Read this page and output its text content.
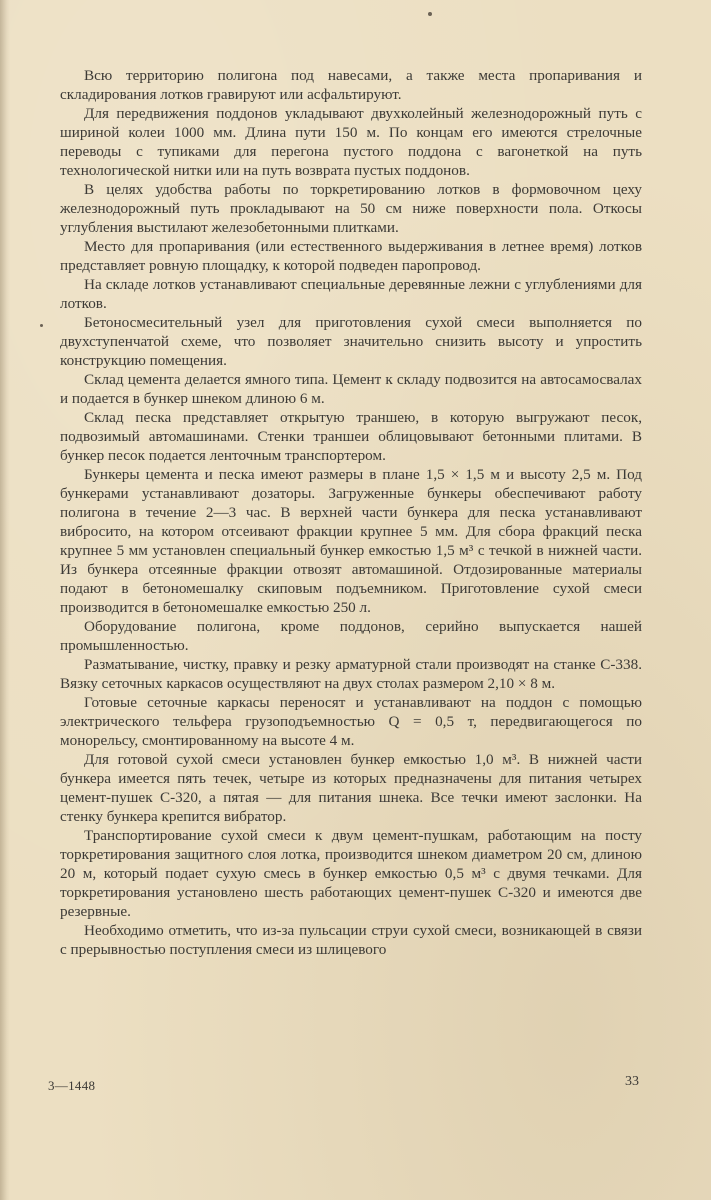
Всю территорию полигона под навесами, а также места пропаривания и складирования лотков гравируют или асфальтируют.

Для передвижения поддонов укладывают двухколейный железнодорожный путь с шириной колеи 1000 мм. Длина пути 150 м. По концам его имеются стрелочные переводы с тупиками для перегона пустого поддона с вагонеткой на путь технологической нитки или на путь возврата пустых поддонов.

В целях удобства работы по торкретированию лотков в формовочном цеху железнодорожный путь прокладывают на 50 см ниже поверхности пола. Откосы углубления выстилают железобетонными плитками.

Место для пропаривания (или естественного выдерживания в летнее время) лотков представляет ровную площадку, к которой подведен паропровод.

На складе лотков устанавливают специальные деревянные лежни с углублениями для лотков.

Бетоносмесительный узел для приготовления сухой смеси выполняется по двухступенчатой схеме, что позволяет значительно снизить высоту и упростить конструкцию помещения.

Склад цемента делается ямного типа. Цемент к складу подвозится на автосамосвалах и подается в бункер шнеком длиною 6 м.

Склад песка представляет открытую траншею, в которую выгружают песок, подвозимый автомашинами. Стенки траншеи облицовывают бетонными плитами. В бункер песок подается ленточным транспортером.

Бункеры цемента и песка имеют размеры в плане 1,5 × 1,5 м и высоту 2,5 м. Под бункерами устанавливают дозаторы. Загруженные бункеры обеспечивают работу полигона в течение 2—3 час. В верхней части бункера для песка устанавливают вибросито, на котором отсеивают фракции крупнее 5 мм. Для сбора фракций песка крупнее 5 мм установлен специальный бункер емкостью 1,5 м³ с течкой в нижней части. Из бункера отсеянные фракции отвозят автомашиной. Отдозированные материалы подают в бетономешалку скиповым подъемником. Приготовление сухой смеси производится в бетономешалке емкостью 250 л.

Оборудование полигона, кроме поддонов, серийно выпускается нашей промышленностью.

Разматывание, чистку, правку и резку арматурной стали производят на станке С-338. Вязку сеточных каркасов осуществляют на двух столах размером 2,10 × 8 м.

Готовые сеточные каркасы переносят и устанавливают на поддон с помощью электрического тельфера грузоподъемностью Q = 0,5 т, передвигающегося по монорельсу, смонтированному на высоте 4 м.

Для готовой сухой смеси установлен бункер емкостью 1,0 м³. В нижней части бункера имеется пять течек, четыре из которых предназначены для питания четырех цемент-пушек С-320, а пятая — для питания шнека. Все течки имеют заслонки. На стенку бункера крепится вибратор.

Транспортирование сухой смеси к двум цемент-пушкам, работающим на посту торкретирования защитного слоя лотка, производится шнеком диаметром 20 см, длиною 20 м, который подает сухую смесь в бункер емкостью 0,5 м³ с двумя течками. Для торкретирования установлено шесть работающих цемент-пушек С-320 и имеются две резервные.

Необходимо отметить, что из-за пульсации струи сухой смеси, возникающей в связи с прерывностью поступления смеси из шлицевого

3—1448	33
